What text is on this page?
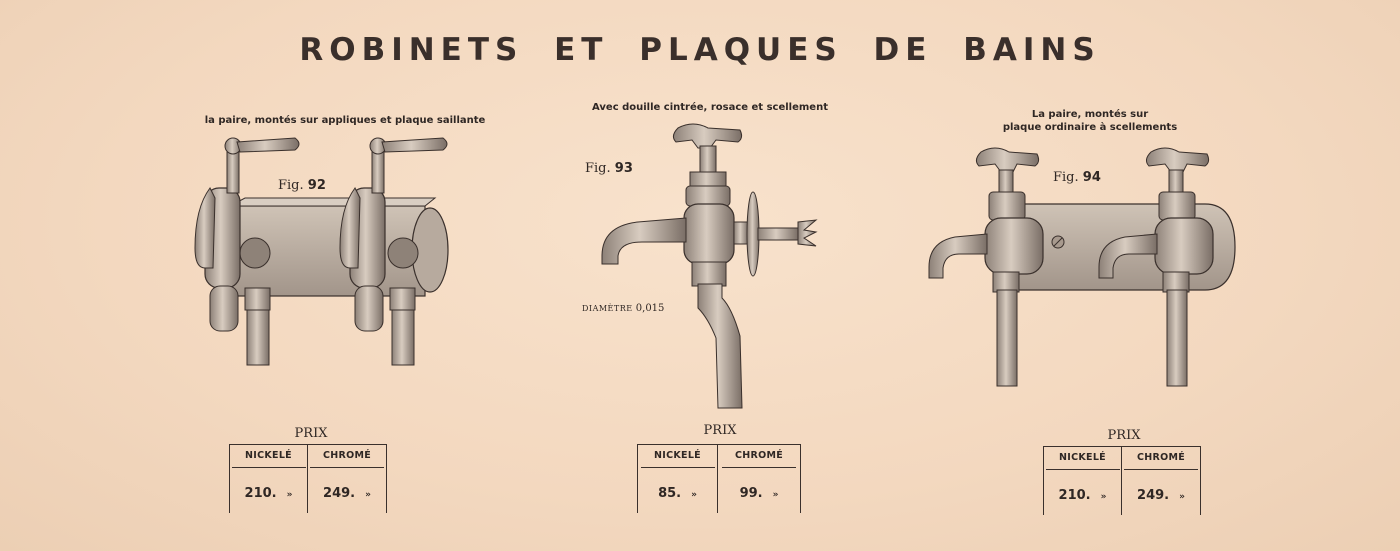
ROBINETS ET PLAQUES DE BAINS
la paire, montés sur appliques et plaque saillante
Fig. 92
PRIX
NICKELÉ	CHROMÉ
210. »	249. »
Avec douille cintrée, rosace et scellement
Fig. 93
DIAMÈTRE 0,015
PRIX
NICKELÉ	CHROMÉ
85. »	99. »
La paire, montés sur
plaque ordinaire à scellements
Fig. 94
PRIX
NICKELÉ	CHROMÉ
210. »	249. »
